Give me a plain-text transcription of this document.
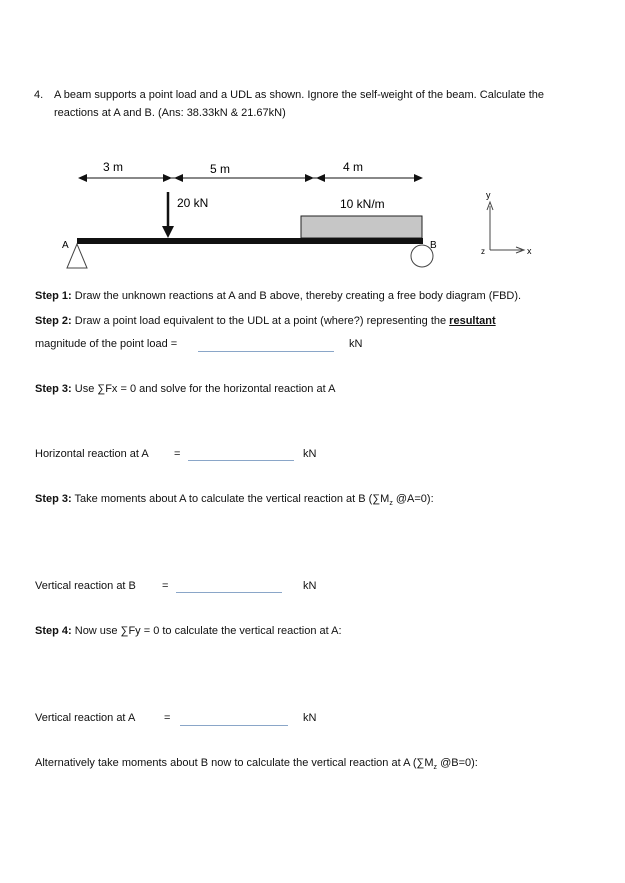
4. A beam supports a point load and a UDL as shown. Ignore the self-weight of the beam. Calculate the
reactions at A and B. (Ans: 38.33kN & 21.67kN)
3 m	5 m	4 m
20 kN	10 kN/m
A	B
y
x
z
Step 1: Draw the unknown reactions at A and B above, thereby creating a free body diagram (FBD).
Step 2: Draw a point load equivalent to the UDL at a point (where?) representing the resultant
magnitude of the point load =	kN
Step 3: Use ∑Fx = 0 and solve for the horizontal reaction at A
Horizontal reaction at A =	kN
Step 3: Take moments about A to calculate the vertical reaction at B ($\sum M_z$ @A=0):
Vertical reaction at B =	kN
Step 4: Now use ∑Fy = 0 to calculate the vertical reaction at A:
Vertical reaction at A	=	kN
Alternatively take moments about B now to calculate the vertical reaction at A ($\sum M_z$ @B=0):
